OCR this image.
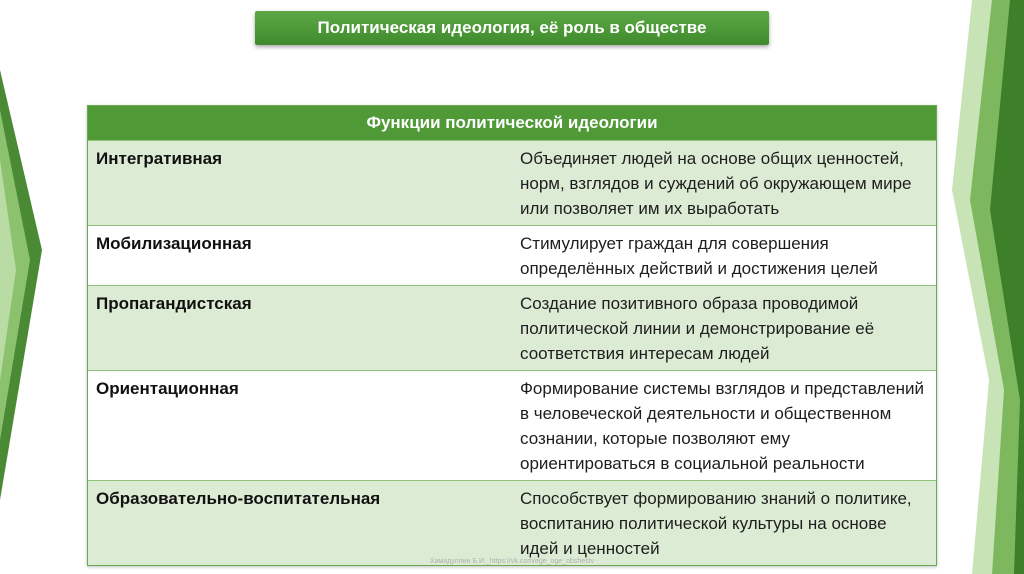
Политическая идеология, её роль в обществе
Функции политической идеологии	
Интегративная	Объединяет людей на основе общих ценностей, норм, взглядов и суждений об окружающем мире или позволяет им их выработать
Мобилизационная	Стимулирует граждан для совершения определённых действий и достижения целей
Пропагандистская	Создание позитивного образа проводимой политической линии и демонстрирование её соответствия интересам людей
Ориентационная	Формирование системы взглядов и представлений в человеческой деятельности и общественном сознании, которые позволяют ему ориентироваться в социальной реальности
Образовательно-воспитательная	Способствует формированию знаний о политике, воспитанию политической культуры на основе идей и ценностей
Хамидуллин Б.И._https://vk.com/ege_oge_obshestv
